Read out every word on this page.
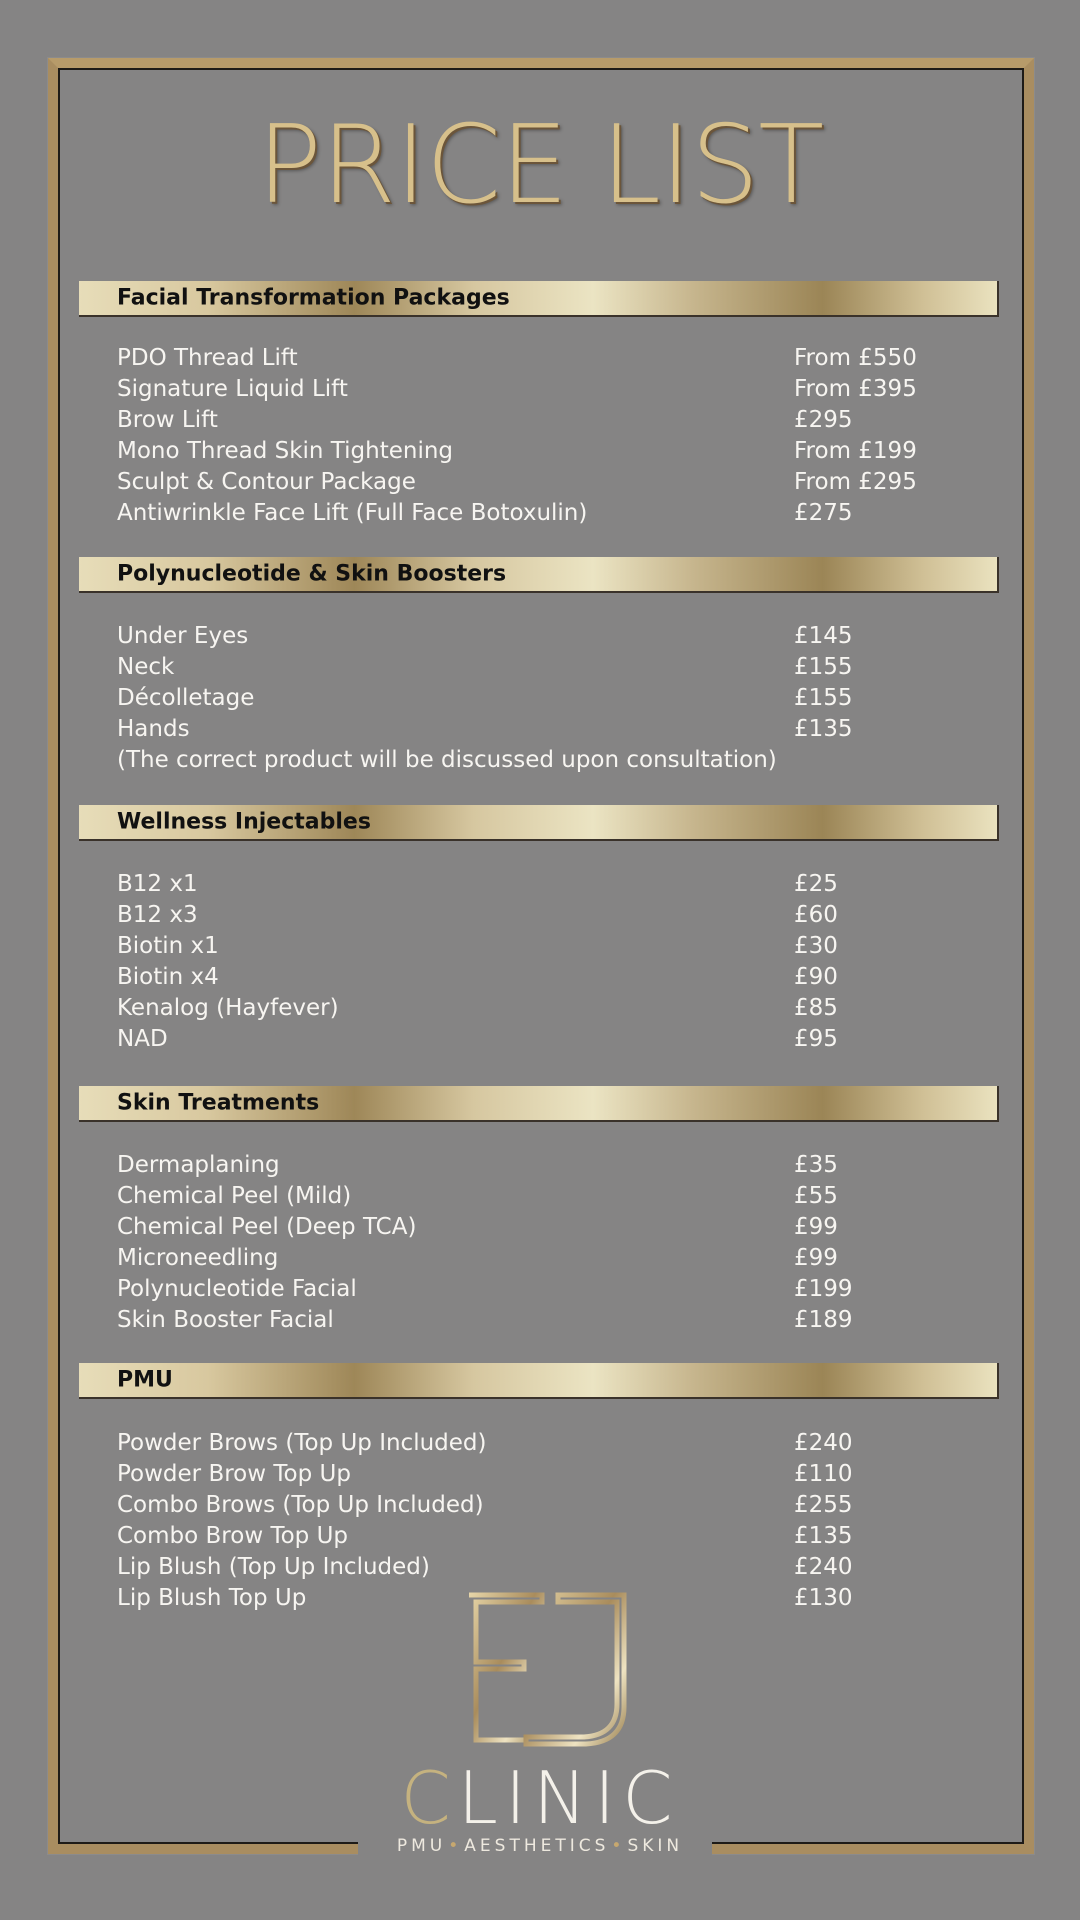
PRICE LIST
Facial Transformation Packages
PDO Thread Lift	From £550
Signature Liquid Lift	From £395
Brow Lift	£295
Mono Thread Skin Tightening	From £199
Sculpt & Contour Package	From £295
Antiwrinkle Face Lift (Full Face Botoxulin)	£275
Polynucleotide & Skin Boosters
Under Eyes	£145
Neck	£155
Décolletage	£155
Hands	£135
(The correct product will be discussed upon consultation)
Wellness Injectables
B12 x1	£25
B12 x3	£60
Biotin x1	£30
Biotin x4	£90
Kenalog (Hayfever)	£85
NAD	£95
Skin Treatments
Dermaplaning	£35
Chemical Peel (Mild)	£55
Chemical Peel (Deep TCA)	£99
Microneedling	£99
Polynucleotide Facial	£199
Skin Booster Facial	£189
PMU
Powder Brows (Top Up Included)	£240
Powder Brow Top Up	£110
Combo Brows (Top Up Included)	£255
Combo Brow Top Up	£135
Lip Blush (Top Up Included)	£240
Lip Blush Top Up	£130
CLINIC
PMU • AESTHETICS • SKIN
